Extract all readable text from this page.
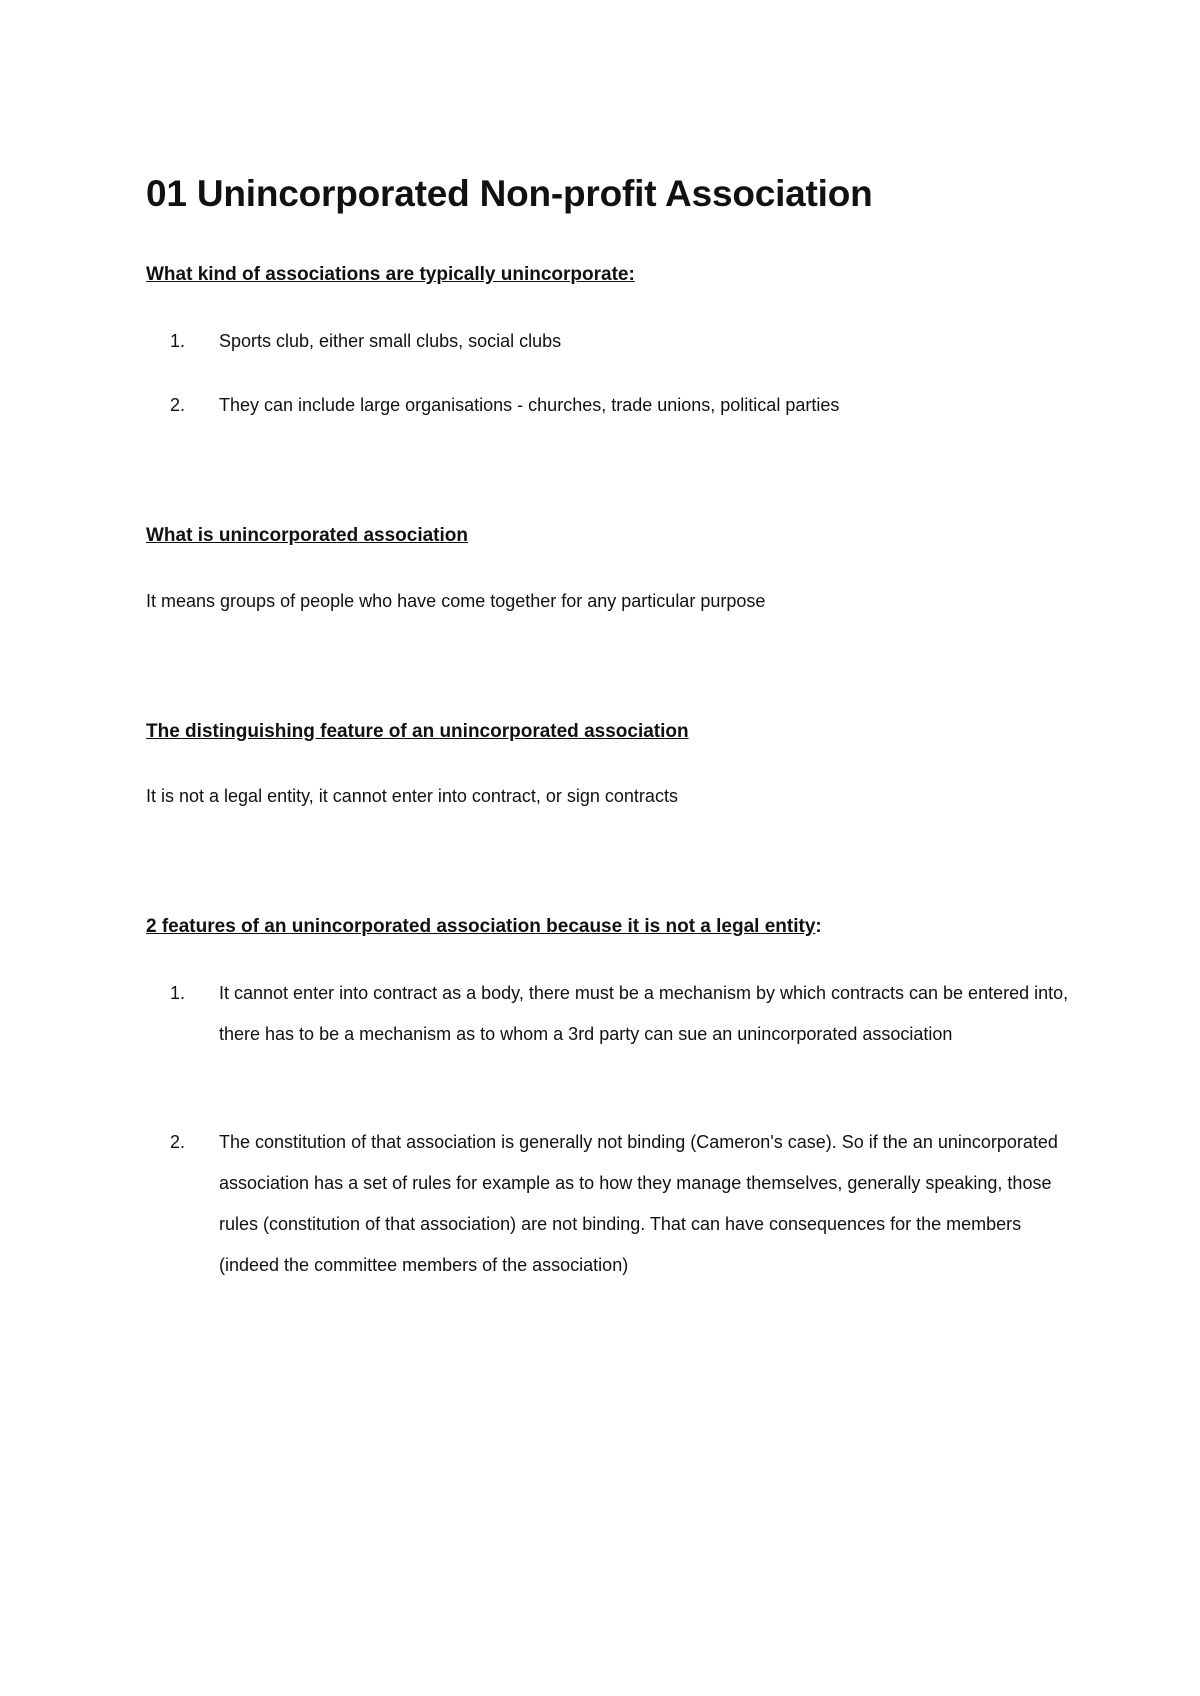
01 Unincorporated Non-profit Association
What kind of associations are typically unincorporate:
1. Sports club, either small clubs, social clubs
2. They can include large organisations - churches, trade unions, political parties
What is unincorporated association

It means groups of people who have come together for any particular purpose

The distinguishing feature of an unincorporated association

It is not a legal entity, it cannot enter into contract, or sign contracts

2 features of an unincorporated association because it is not a legal entity:
1. It cannot enter into contract as a body, there must be a mechanism by which contracts can be entered into, there has to be a mechanism as to whom a 3rd party can sue an unincorporated association
2. The constitution of that association is generally not binding (Cameron's case). So if the an unincorporated association has a set of rules for example as to how they manage themselves, generally speaking, those rules (constitution of that association) are not binding. That can have consequences for the members (indeed the committee members of the association)
